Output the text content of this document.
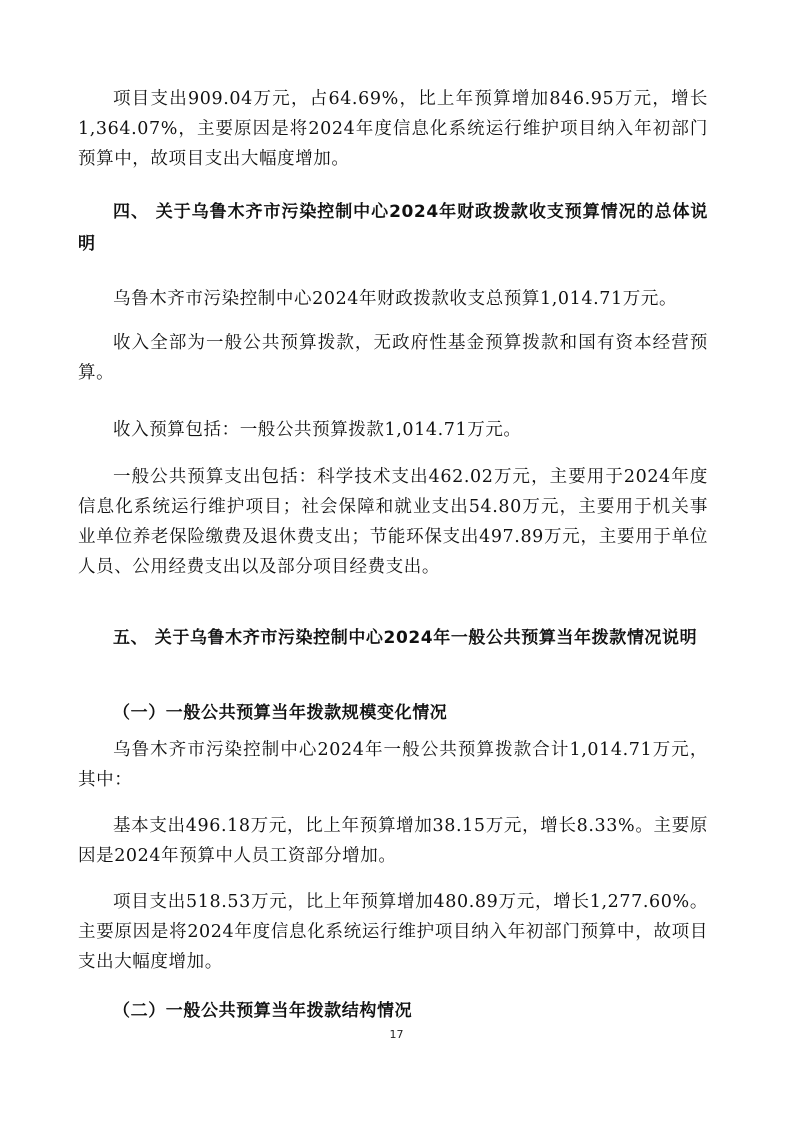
项目支出909.04万元，占64.69%，比上年预算增加846.95万元，增长1,364.07%，主要原因是将2024年度信息化系统运行维护项目纳入年初部门预算中，故项目支出大幅度增加。

四、 关于乌鲁木齐市污染控制中心2024年财政拨款收支预算情况的总体说明

乌鲁木齐市污染控制中心2024年财政拨款收支总预算1,014.71万元。

收入全部为一般公共预算拨款，无政府性基金预算拨款和国有资本经营预算。

收入预算包括：一般公共预算拨款1,014.71万元。

一般公共预算支出包括：科学技术支出462.02万元，主要用于2024年度信息化系统运行维护项目；社会保障和就业支出54.80万元，主要用于机关事业单位养老保险缴费及退休费支出；节能环保支出497.89万元，主要用于单位人员、公用经费支出以及部分项目经费支出。

五、 关于乌鲁木齐市污染控制中心2024年一般公共预算当年拨款情况说明

（一）一般公共预算当年拨款规模变化情况

乌鲁木齐市污染控制中心2024年一般公共预算拨款合计1,014.71万元，其中：

基本支出496.18万元，比上年预算增加38.15万元，增长8.33%。主要原因是2024年预算中人员工资部分增加。

项目支出518.53万元，比上年预算增加480.89万元，增长1,277.60%。主要原因是将2024年度信息化系统运行维护项目纳入年初部门预算中，故项目支出大幅度增加。

（二）一般公共预算当年拨款结构情况

17
